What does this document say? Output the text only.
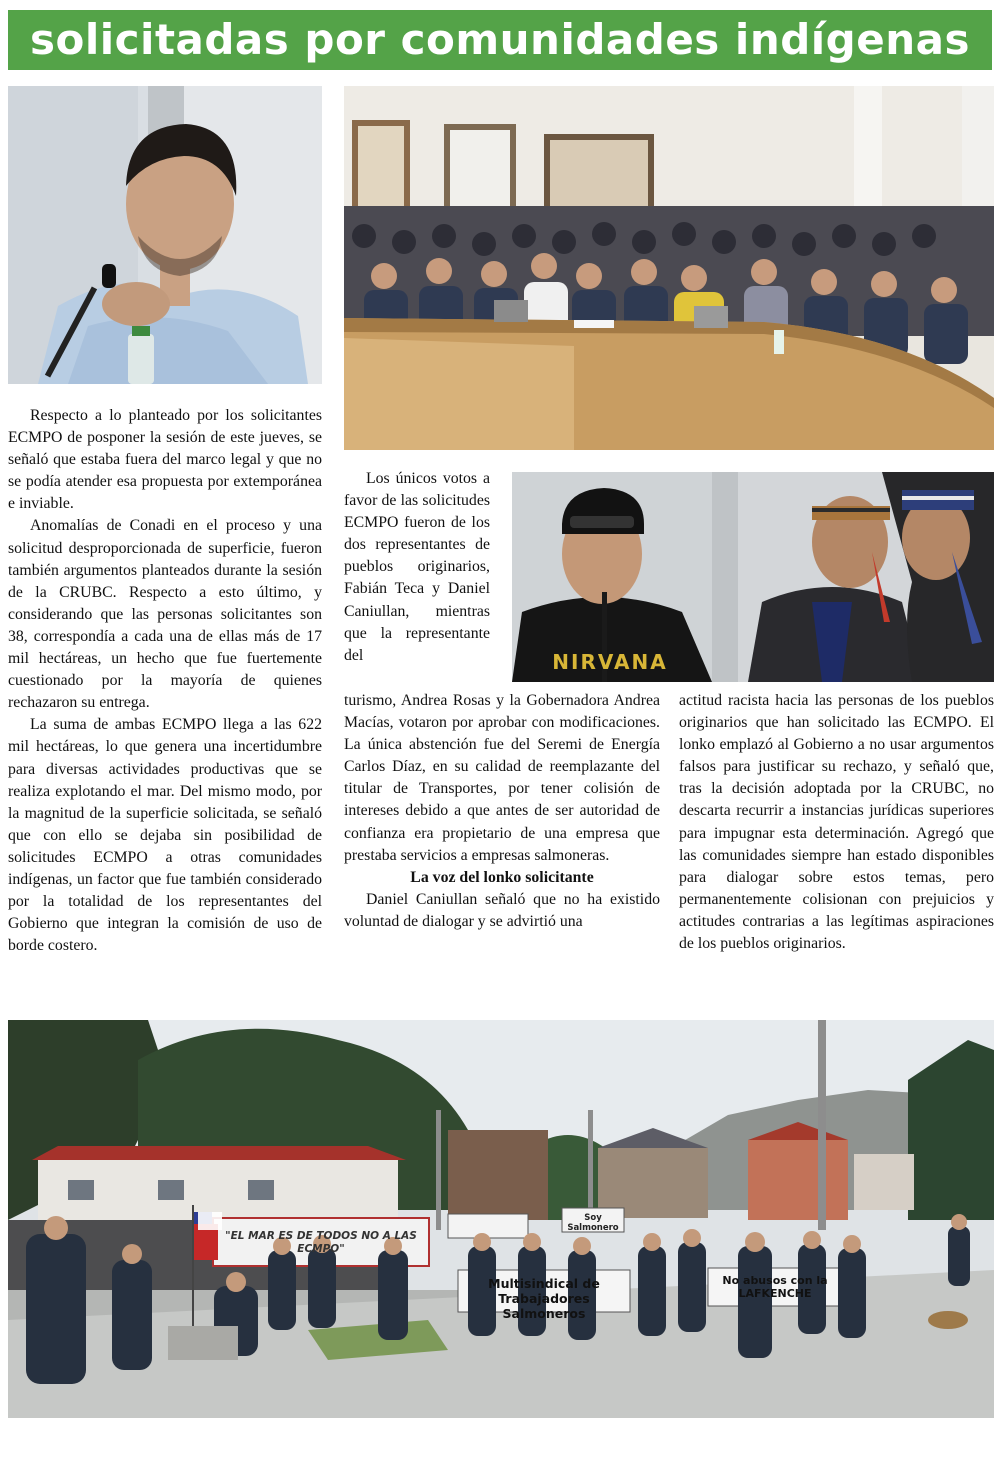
solicitadas por comunidades indígenas

Respecto a lo planteado por los solicitantes ECMPO de posponer la sesión de este jueves, se señaló que estaba fuera del marco legal y que no se podía atender esa propuesta por extemporánea e inviable.

Anomalías de Conadi en el proceso y una solicitud desproporcionada de superficie, fueron también argumentos planteados durante la sesión de la CRUBC. Respecto a esto último, y considerando que las personas solicitantes son 38, correspondía a cada una de ellas más de 17 mil hectáreas, un hecho que fue fuertemente cuestionado por la mayoría de quienes rechazaron su entrega.

La suma de ambas ECMPO llega a las 622 mil hectáreas, lo que genera una incertidumbre para diversas actividades productivas que se realiza explotando el mar. Del mismo modo, por la magnitud de la superficie solicitada, se señaló que con ello se dejaba sin posibilidad de solicitudes ECMPO a otras comunidades indígenas, un factor que fue también considerado por la totalidad de los representantes del Gobierno que integran la comisión de uso de borde costero.

Los únicos votos a favor de las solicitudes ECMPO fueron de los dos representantes de pueblos originarios, Fabián Teca y Daniel Caniullan, mientras que la representante del

turismo, Andrea Rosas y la Gobernadora Andrea Macías, votaron por aprobar con modificaciones. La única abstención fue del Seremi de Energía Carlos Díaz, en su calidad de reemplazante del titular de Transportes, por tener colisión de intereses debido a que antes de ser autoridad de confianza era propietario de una empresa que prestaba servicios a empresas salmoneras.

La voz del lonko solicitante

Daniel Caniullan señaló que no ha existido voluntad de dialogar y se advirtió una

actitud racista hacia las personas de los pueblos originarios que han solicitado las ECMPO. El lonko emplazó al Gobierno a no usar argumentos falsos para justificar su rechazo, y señaló que, tras la decisión adoptada por la CRUBC, no descarta recurrir a instancias jurídicas superiores para impugnar esta determinación. Agregó que las comunidades siempre han estado disponibles para dialogar sobre estos temas, pero permanentemente colisionan con prejuicios y actitudes contrarias a las legítimas aspiraciones de los pueblos originarios.

Multisindical de Trabajadores Salmoneros
No abusos con la LAFKENCHE
"EL MAR ES DE TODOS NO A LAS ECMPO"
Soy Salmonero
NIRVANA
